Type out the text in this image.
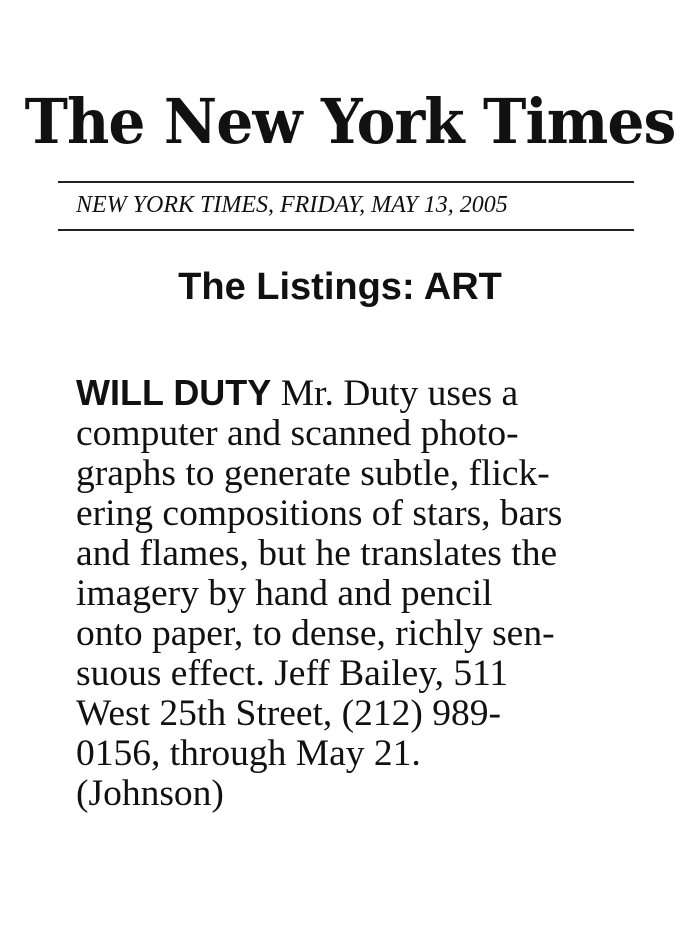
The New York Times
NEW YORK TIMES, FRIDAY, MAY 13, 2005
The Listings: ART
WILL DUTY Mr. Duty uses a
computer and scanned photo-
graphs to generate subtle, flick-
ering compositions of stars, bars
and flames, but he translates the
imagery by hand and pencil
onto paper, to dense, richly sen-
suous effect. Jeff Bailey, 511
West 25th Street, (212) 989-
0156, through May 21.
(Johnson)
